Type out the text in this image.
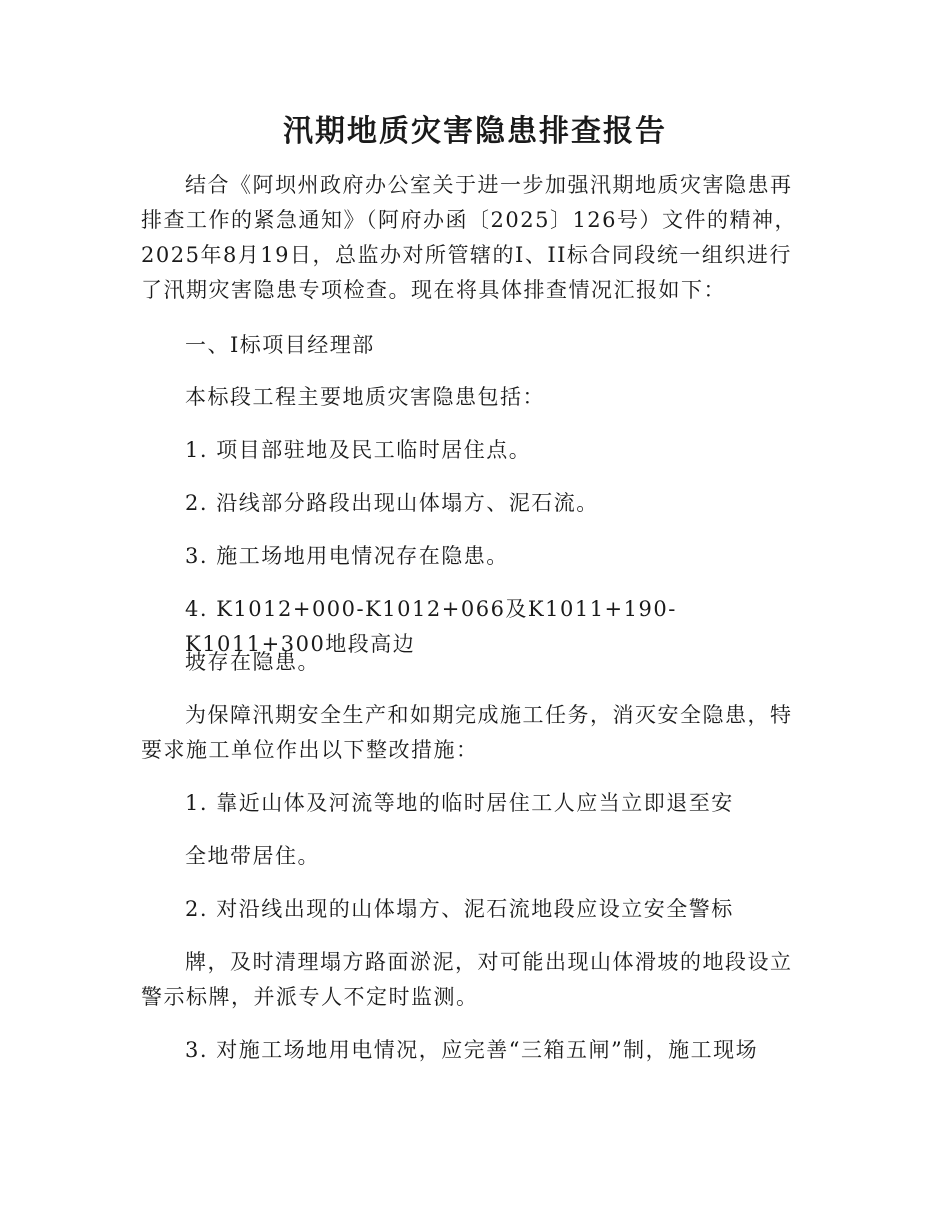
汛期地质灾害隐患排查报告

结合《阿坝州政府办公室关于进一步加强汛期地质灾害隐患再排查工作的紧急通知》（阿府办函〔2025〕126号）文件的精神，2025年8月19日，总监办对所管辖的I、II标合同段统一组织进行了汛期灾害隐患专项检查。现在将具体排查情况汇报如下：

一、I标项目经理部

本标段工程主要地质灾害隐患包括：

1. 项目部驻地及民工临时居住点。

2. 沿线部分路段出现山体塌方、泥石流。

3. 施工场地用电情况存在隐患。

4. K1012+000-K1012+066及K1011+190-K1011+300地段高边

坡存在隐患。

为保障汛期安全生产和如期完成施工任务，消灭安全隐患，特要求施工单位作出以下整改措施：

1. 靠近山体及河流等地的临时居住工人应当立即退至安

全地带居住。

2. 对沿线出现的山体塌方、泥石流地段应设立安全警标

牌，及时清理塌方路面淤泥，对可能出现山体滑坡的地段设立警示标牌，并派专人不定时监测。

3. 对施工场地用电情况，应完善“三箱五闸”制，施工现场
